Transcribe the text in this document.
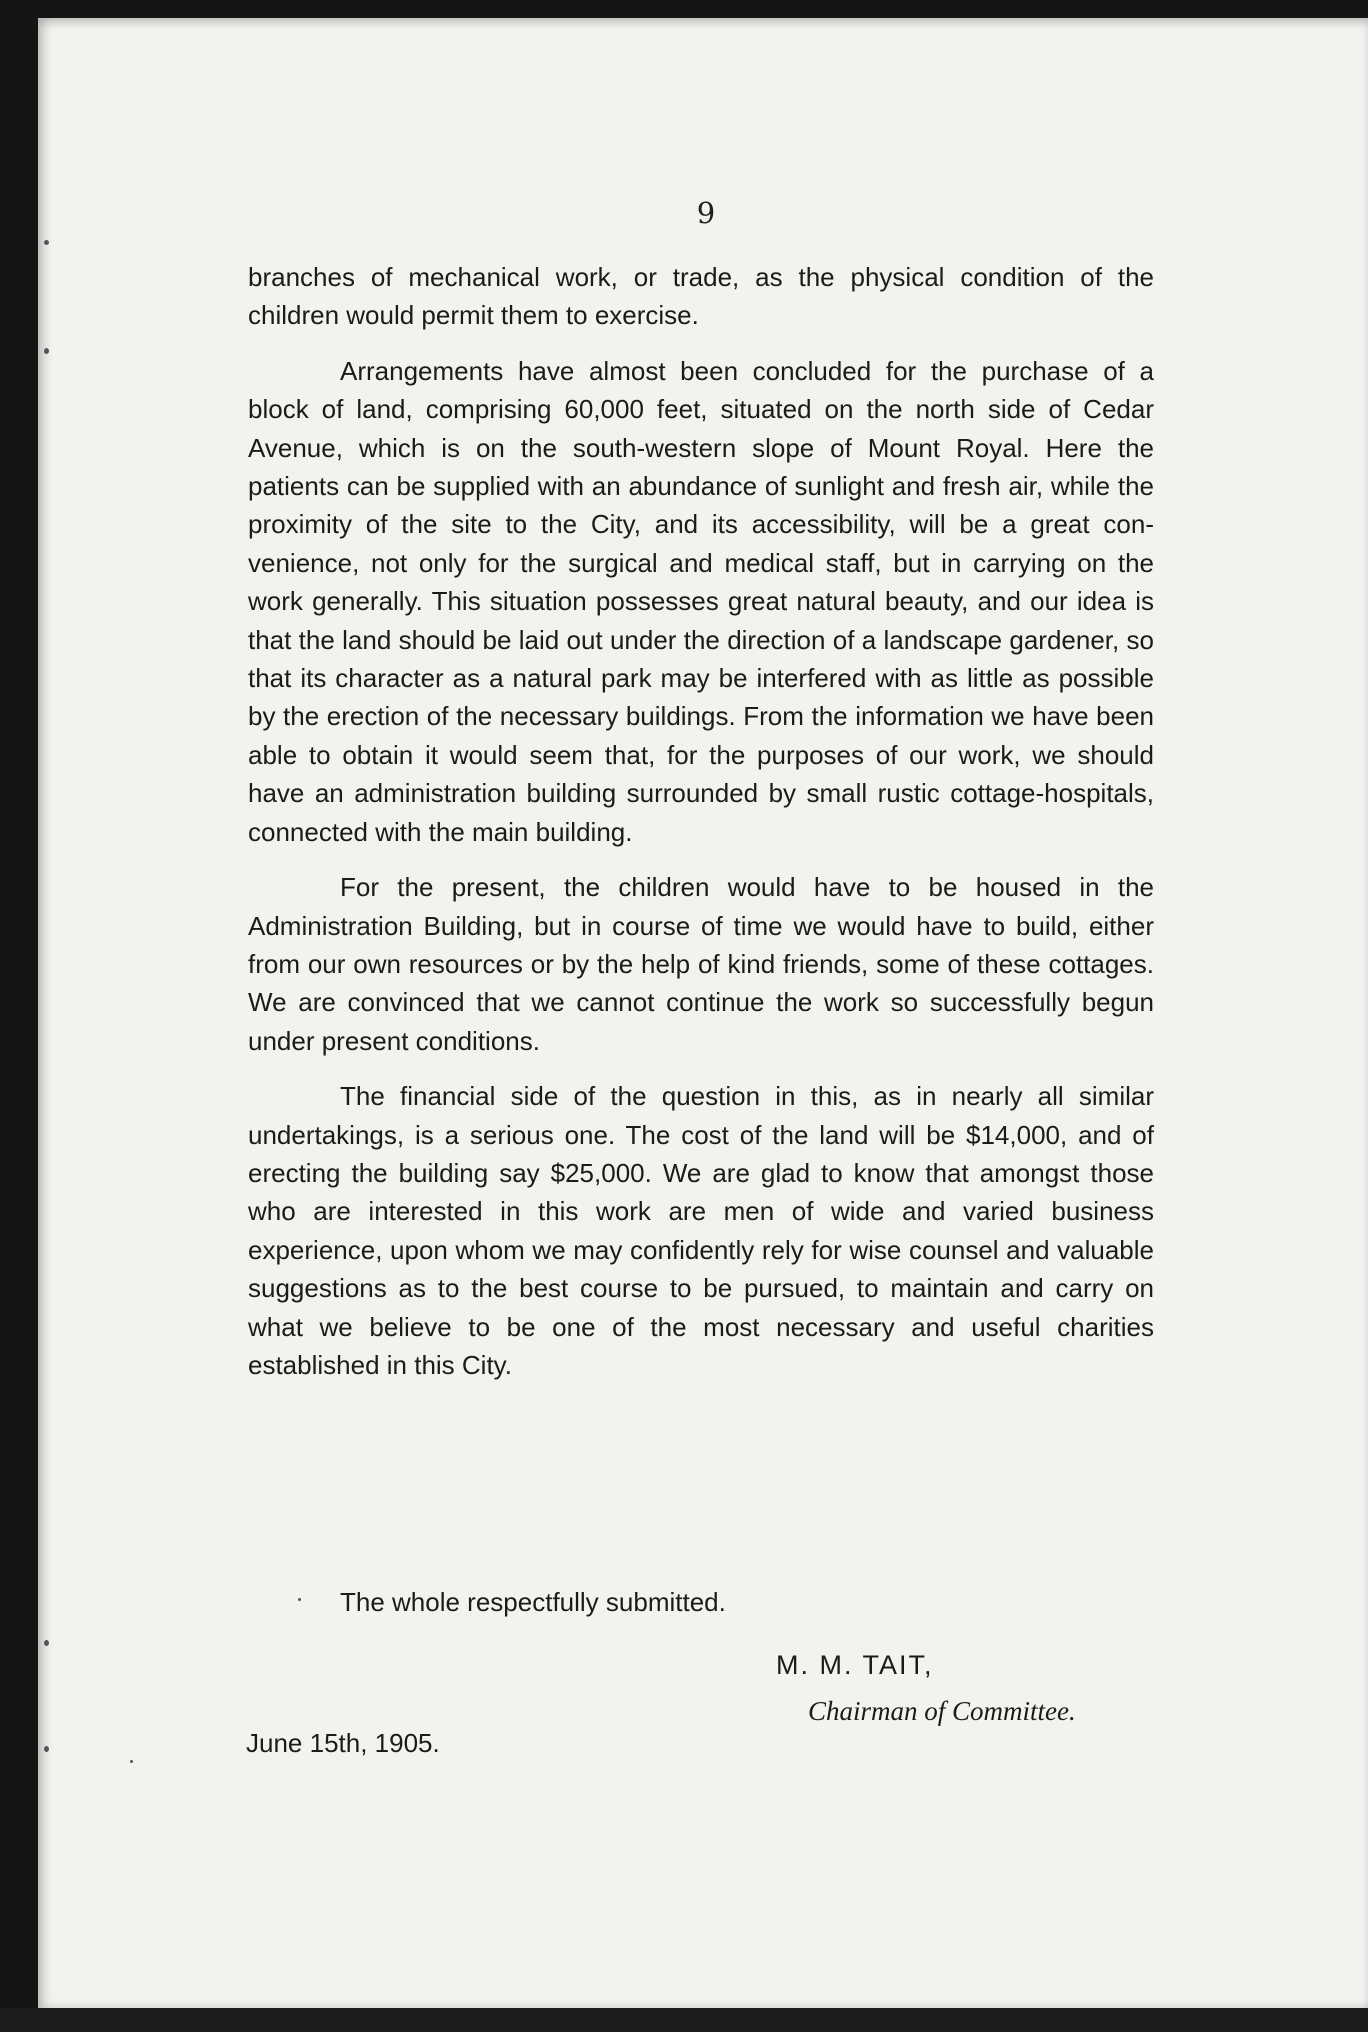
9

branches of mechanical work, or trade, as the physical condition of the children would permit them to exercise.

Arrangements have almost been concluded for the purchase of a block of land, comprising 60,000 feet, situated on the north side of Cedar Avenue, which is on the south-western slope of Mount Royal. Here the patients can be supplied with an abundance of sunlight and fresh air, while the proximity of the site to the City, and its accessibility, will be a great convenience, not only for the surgical and medical staff, but in carrying on the work generally. This situation possesses great natural beauty, and our idea is that the land should be laid out under the direction of a landscape gardener, so that its character as a natural park may be interfered with as little as possible by the erection of the necessary buildings. From the information we have been able to obtain it would seem that, for the purposes of our work, we should have an administration building surrounded by small rustic cottage-hospitals, connected with the main building.

For the present, the children would have to be housed in the Administration Building, but in course of time we would have to build, either from our own resources or by the help of kind friends, some of these cottages. We are convinced that we cannot continue the work so successfully begun under present conditions.

The financial side of the question in this, as in nearly all similar undertakings, is a serious one. The cost of the land will be $14,000, and of erecting the building say $25,000. We are glad to know that amongst those who are interested in this work are men of wide and varied business experience, upon whom we may confidently rely for wise counsel and valuable suggestions as to the best course to be pursued, to maintain and carry on what we believe to be one of the most necessary and useful charities established in this City.

The whole respectfully submitted.
M. M. TAIT,
Chairman of Committee.
June 15th, 1905.
